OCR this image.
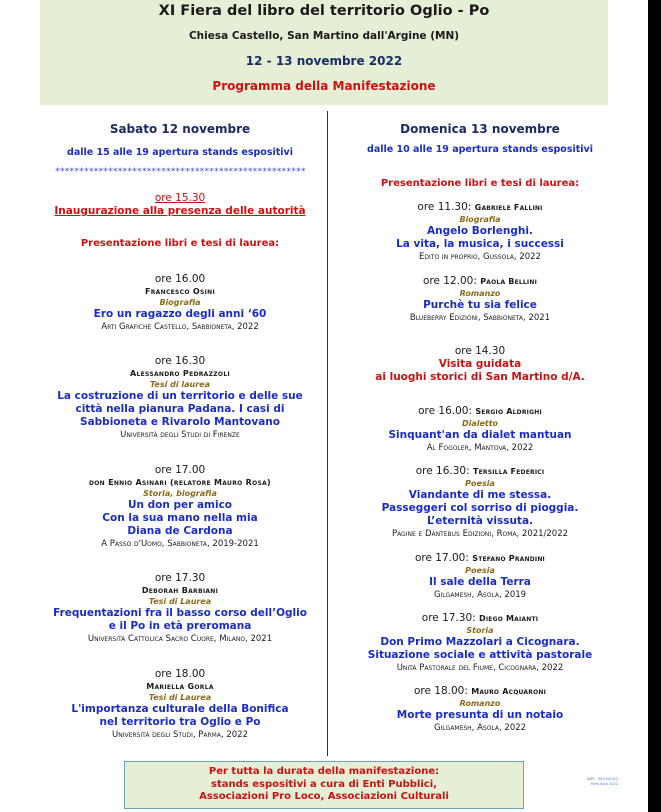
XI Fiera del libro del territorio Oglio - Po
Chiesa Castello, San Martino dall'Argine (MN)
12 - 13 novembre 2022
Programma della Manifestazione
Sabato 12 novembre
dalle 15 alle 19 apertura stands espositivi
****************************************************
ore 15.30
Inaugurazione alla presenza delle autorità
Presentazione libri e tesi di laurea:
ore 16.00
Francesco Osini
Biografia
Ero un ragazzo degli anni ‘60
Arti Grafiche Castello, Sabbioneta, 2022
ore 16.30
Alessandro Pedrazzoli
Tesi di laurea
La costruzione di un territorio e delle sue
città nella pianura Padana. I casi di
Sabbioneta e Rivarolo Mantovano
Università degli Studi di Firenze
ore 17.00
don Ennio Asinari (relatore Mauro Rosa)
Storia, biografia
Un don per amico
Con la sua mano nella mia
Diana de Cardona
A Passo d'Uomo, Sabbioneta, 2019-2021
ore 17.30
Deborah Barbiani
Tesi di Laurea
Frequentazioni fra il basso corso dell’Oglio
e il Po in età preromana
Università Cattolica Sacro Cuore, Milano, 2021
ore 18.00
Mariella Gorla
Tesi di Laurea
L'importanza culturale della Bonifica
nel territorio tra Oglio e Po
Università degli Studi, Parma, 2022
Domenica 13 novembre
dalle 10 alle 19 apertura stands espositivi
Presentazione libri e tesi di laurea:
ore 11.30: Gabriele Fallini
Biografia
Angelo Borlenghi.
La vita, la musica, i successi
Edito in proprio, Gussola, 2022
ore 12.00: Paola Bellini
Romanzo
Purchè tu sia felice
Blueberry Edizioni, Sabbioneta, 2021
ore 14.30
Visita guidata
ai luoghi storici di San Martino d/A.
ore 16.00: Sergio Aldrighi
Dialetto
Sinquant'an da dialet mantuan
Al Fogoler, Mantova, 2022
ore 16.30: Tersilla Federici
Poesia
Viandante di me stessa.
Passeggeri col sorriso di pioggia.
L’eternità vissuta.
Pagine e Dantebus Edizioni, Roma, 2021/2022
ore 17.00: Stefano Prandini
Poesia
Il sale della Terra
Gilgamesh, Asola, 2019
ore 17.30: Diego Maianti
Storia
Don Primo Mazzolari a Cicognara.
Situazione sociale e attività pastorale
Unità Pastorale del Fiume, Cicognara, 2022
ore 18.00: Mauro Acquaroni
Romanzo
Morte presunta di un notaio
Gilgamesh, Asola, 2022
Per tutta la durata della manifestazione:
stands espositivi a cura di Enti Pubblici,
Associazioni Pro Loco, Associazioni Culturali
ASPI - 30/10/2022
Fiera libro 2022
